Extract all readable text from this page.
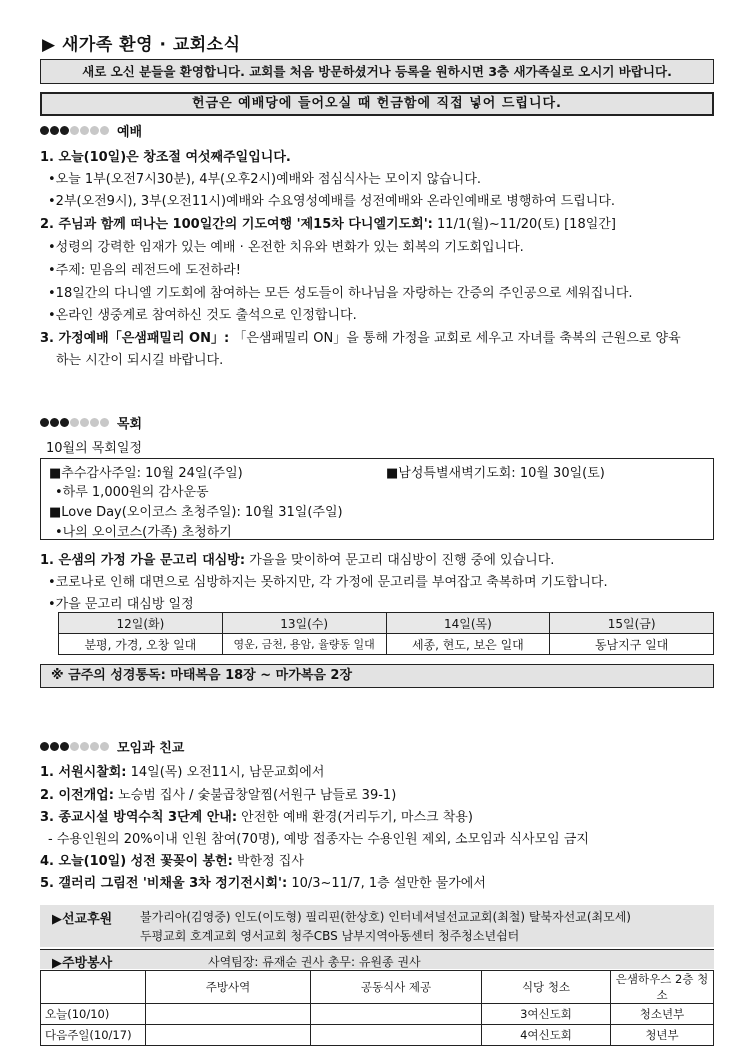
▶ 새가족 환영 · 교회소식
새로 오신 분들을 환영합니다. 교회를 처음 방문하셨거나 등록을 원하시면 3층 새가족실로 오시기 바랍니다.
헌금은 예배당에 들어오실 때 헌금함에 직접 넣어 드립니다.
예배
1. 오늘(10일)은 창조절 여섯째주일입니다.
•오늘 1부(오전7시30분), 4부(오후2시)예배와 점심식사는 모이지 않습니다.
•2부(오전9시), 3부(오전11시)예배와 수요영성예배를 성전예배와 온라인예배로 병행하여 드립니다.
2. 주님과 함께 떠나는 100일간의 기도여행 '제15차 다니엘기도회': 11/1(월)~11/20(토) [18일간]
•성령의 강력한 임재가 있는 예배 · 온전한 치유와 변화가 있는 회복의 기도회입니다.
•주제: 믿음의 레전드에 도전하라!
•18일간의 다니엘 기도회에 참여하는 모든 성도들이 하나님을 자랑하는 간증의 주인공으로 세워집니다.
•온라인 생중계로 참여하신 것도 출석으로 인정합니다.
3. 가정예배「은샘패밀리 ON」: 「은샘패밀리 ON」을 통해 가정을 교회로 세우고 자녀를 축복의 근원으로 양육
하는 시간이 되시길 바랍니다.
목회
10월의 목회일정
■추수감사주일: 10월 24일(주일)	■남성특별새벽기도회: 10월 30일(토)
•하루 1,000원의 감사운동
■Love Day(오이코스 초청주일): 10월 31일(주일)
•나의 오이코스(가족) 초청하기
1. 은샘의 가정 가을 문고리 대심방: 가을을 맞이하여 문고리 대심방이 진행 중에 있습니다.
•코로나로 인해 대면으로 심방하지는 못하지만, 각 가정에 문고리를 부여잡고 축복하며 기도합니다.
•가을 문고리 대심방 일정
12일(화)	13일(수)	14일(목)	15일(금)
분평, 가경, 오창 일대	영운, 금천, 용암, 율량동 일대	세종, 현도, 보은 일대	동남지구 일대
※ 금주의 성경통독: 마태복음 18장 ~ 마가복음 2장
모임과 친교
1. 서원시찰회: 14일(목) 오전11시, 남문교회에서
2. 이전개업: 노승범 집사 / 숯불곱창알찜(서원구 남들로 39-1)
3. 종교시설 방역수칙 3단계 안내: 안전한 예배 환경(거리두기, 마스크 착용)
- 수용인원의 20%이내 인원 참여(70명), 예방 접종자는 수용인원 제외, 소모임과 식사모임 금지
4. 오늘(10일) 성전 꽃꽂이 봉헌: 박한정 집사
5. 갤러리 그림전 '비채울 3차 정기전시회': 10/3~11/7, 1층 설만한 물가에서
▶선교후원 불가리아(김영중) 인도(이도형) 필리핀(한상호) 인터네셔널선교교회(최철) 탈북자선교(최모세)
두평교회 호계교회 영서교회 청주CBS 남부지역아동센터 청주청소년쉼터
▶주방봉사	사역팀장: 류재순 권사 총무: 유원종 권사
	주방사역	공동식사 제공	식당 청소	은샘하우스 2층 청소
오늘(10/10)			3여신도회	청소년부
다음주일(10/17)			4여신도회	청년부
